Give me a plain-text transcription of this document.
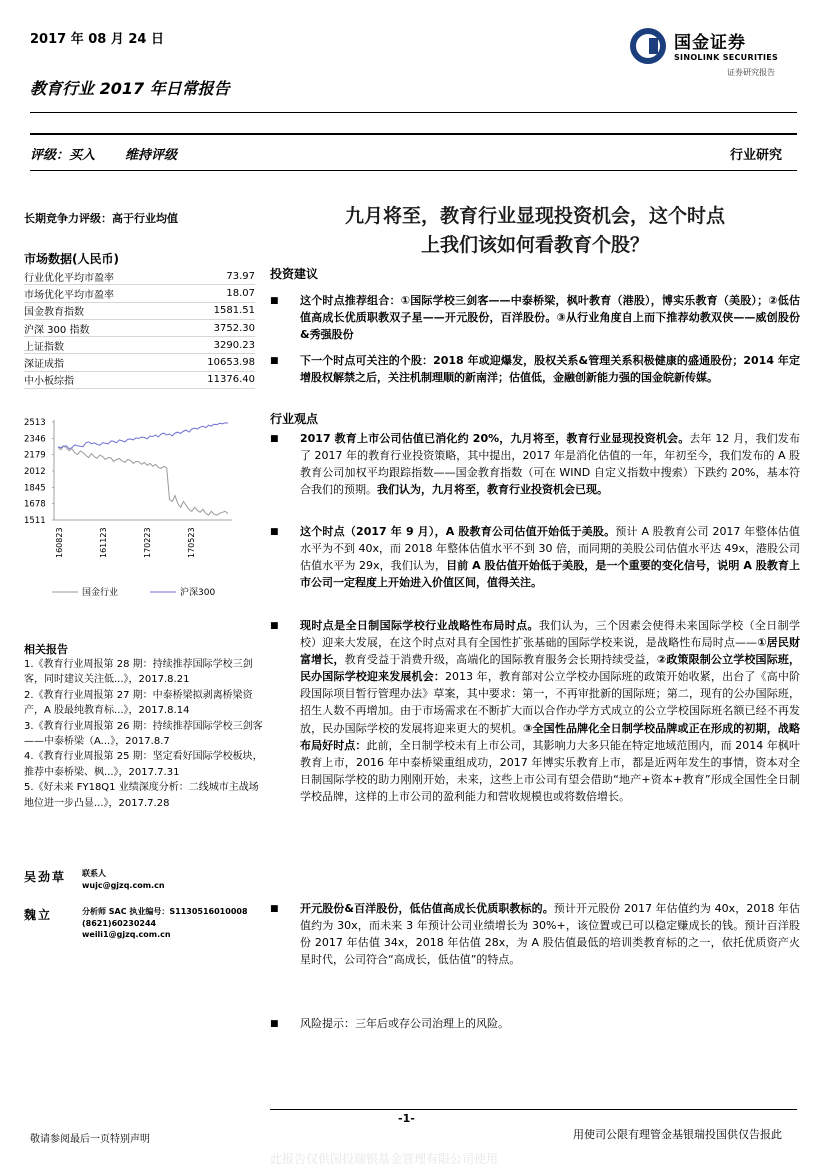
2017 年 08 月 24 日
教育行业 2017 年日常报告
国金证券
SINOLINK SECURITIES
证券研究报告
评级：买入 维持评级	行业研究
长期竞争力评级：高于行业均值
市场数据(人民币)
行业优化平均市盈率	73.97
市场优化平均市盈率	18.07
国金教育指数	1581.51
沪深 300 指数	3752.30
上证指数	3290.23
深证成指	10653.98
中小板综指	11376.40
2513
2346
2179
2012
1845
1678
1511
160823	161123	170223	170523
国金行业	沪深300
相关报告
1.《教育行业周报第 28 期：持续推荐国际学校三剑客，同时建议关注低...》，2017.8.21
2.《教育行业周报第 27 期：中泰桥梁拟剥离桥梁资产，A 股最纯教育标...》，2017.8.14
3.《教育行业周报第 26 期：持续推荐国际学校三剑客——中泰桥梁（A...》，2017.8.7
4.《教育行业周报第 25 期：坚定看好国际学校板块，推荐中泰桥梁、枫...》，2017.7.31
5.《好未来 FY18Q1 业绩深度分析：二线城市主战场地位进一步凸显...》，2017.7.28
吴劲草 联系人
wujc@gjzq.com.cn
魏立	分析师 SAC 执业编号：S1130516010008
(8621)60230244
weili1@gjzq.com.cn
九月将至，教育行业显现投资机会，这个时点
上我们该如何看教育个股？
投资建议
■ 这个时点推荐组合：①国际学校三剑客——中泰桥梁，枫叶教育（港股），博实乐教育（美股）；②低估值高成长优质职教双子星——开元股份，百洋股份。③从行业角度自上而下推荐幼教双侠——威创股份&秀强股份
■ 下一个时点可关注的个股：2018 年或迎爆发，股权关系&管理关系积极健康的盛通股份；2014 年定增股权解禁之后，关注机制理顺的新南洋；估值低，金融创新能力强的国金皖新传媒。
行业观点
■ 2017 教育上市公司估值已消化约 20%，九月将至，教育行业显现投资机会。去年 12 月，我们发布了 2017 年的教育行业投资策略，其中提出，2017 年是消化估值的一年，年初至今，我们发布的 A 股教育公司加权平均跟踪指数——国金教育指数（可在 WIND 自定义指数中搜索）下跌约 20%，基本符合我们的预期。我们认为，九月将至，教育行业投资机会已现。
■ 这个时点（2017 年 9 月），A 股教育公司估值开始低于美股。预计 A 股教育公司 2017 年整体估值水平为不到 40x，而 2018 年整体估值水平不到 30 倍，而同期的美股公司估值水平达 49x，港股公司估值水平为 29x，我们认为，目前 A 股估值开始低于美股，是一个重要的变化信号，说明 A 股教育上市公司一定程度上开始进入价值区间，值得关注。
■ 现时点是全日制国际学校行业战略性布局时点。我们认为，三个因素会使得未来国际学校（全日制学校）迎来大发展，在这个时点对具有全国性扩张基础的国际学校来说，是战略性布局时点——①居民财富增长，教育受益于消费升级，高端化的国际教育服务会长期持续受益，②政策限制公立学校国际班，民办国际学校迎来发展机会：2013 年，教育部对公立学校办国际班的政策开始收紧，出台了《高中阶段国际项目暂行管理办法》草案，其中要求：第一，不再审批新的国际班；第二，现有的公办国际班，招生人数不再增加。由于市场需求在不断扩大而以合作办学方式成立的公立学校国际班名额已经不再发放，民办国际学校的发展将迎来更大的契机。③全国性品牌化全日制学校品牌或正在形成的初期，战略布局好时点：此前，全日制学校未有上市公司，其影响力大多只能在特定地域范围内，而 2014 年枫叶教育上市，2016 年中泰桥梁重组成功，2017 年博实乐教育上市，都是近两年发生的事情，资本对全日制国际学校的助力刚刚开始，未来，这些上市公司有望会借助“地产+资本+教育”形成全国性全日制学校品牌，这样的上市公司的盈利能力和营收规模也或将数倍增长。
■ 开元股份&百洋股份，低估值高成长优质职教标的。预计开元股份 2017 年估值约为 40x，2018 年估值约为 30x，而未来 3 年预计公司业绩增长为 30%+，该位置或已可以稳定赚成长的钱。预计百洋股份 2017 年估值 34x，2018 年估值 28x，为 A 股估值最低的培训类教育标的之一，依托优质资产火星时代，公司符合“高成长，低估值”的特点。
■ 风险提示：三年后或存公司治理上的风险。
-1-
敬请参阅最后一页特别声明	用使司公限有理管金基银瑞投国供仅告报此
此报告仅供国投瑞银基金管理有限公司使用
